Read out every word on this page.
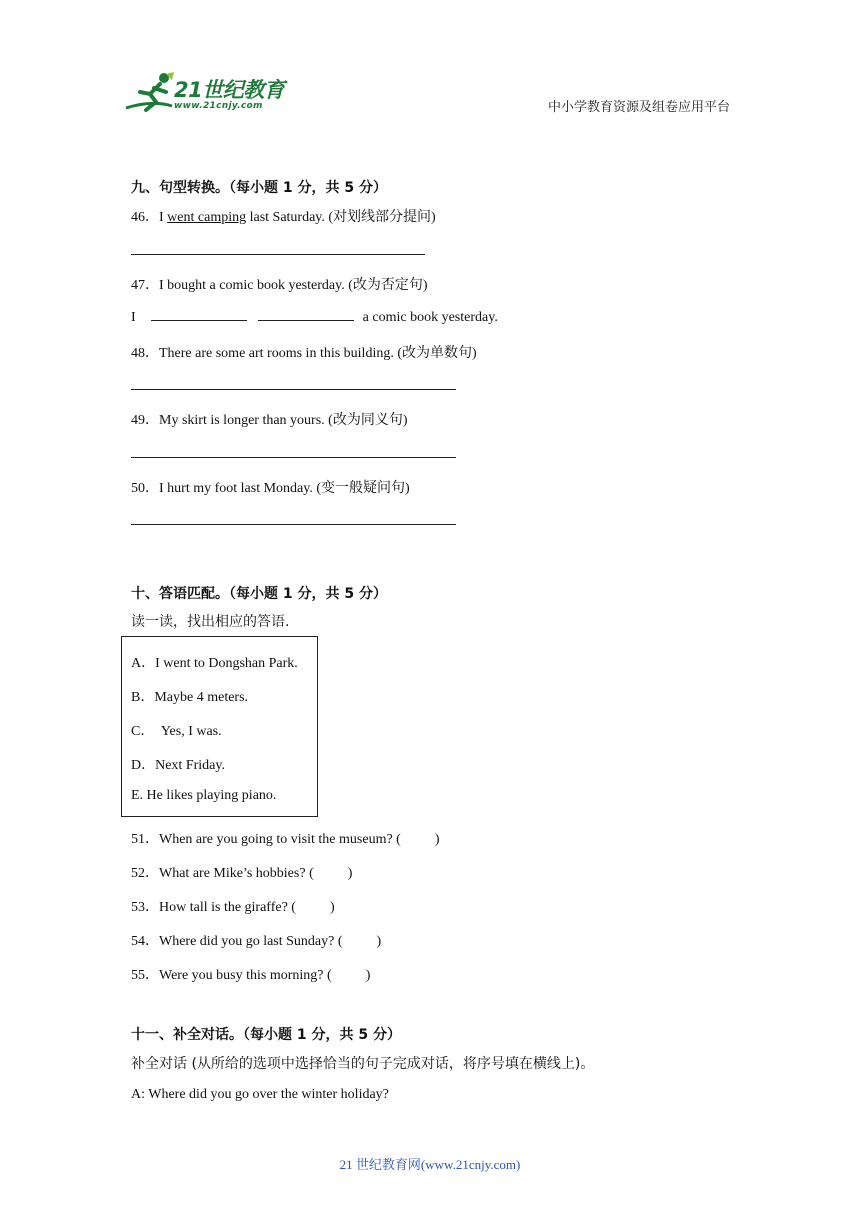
21世纪教育
www.21cnjy.com	中小学教育资源及组卷应用平台
九、句型转换。（每小题 1 分，共 5 分）
46．I went camping last Saturday. (对划线部分提问)
47．I bought a comic book yesterday. (改为否定句)
I	a comic book yesterday.
48．There are some art rooms in this building. (改为单数句)
49．My skirt is longer than yours. (改为同义句)
50．I hurt my foot last Monday. (变一般疑问句)
十、答语匹配。（每小题 1 分，共 5 分）
读一读，找出相应的答语.
A．I went to Dongshan Park.
B．Maybe 4 meters.
C．  Yes, I was.
D．Next Friday.
E. He likes playing piano.
51．When are you going to visit the museum? ( )
52．What are Mike’s hobbies? ( )
53．How tall is the giraffe? ( )
54．Where did you go last Sunday? ( )
55．Were you busy this morning? ( )
十一、补全对话。（每小题 1 分，共 5 分）
补全对话 (从所给的选项中选择恰当的句子完成对话，将序号填在横线上)。
A: Where did you go over the winter holiday?
21 世纪教育网(www.21cnjy.com)
